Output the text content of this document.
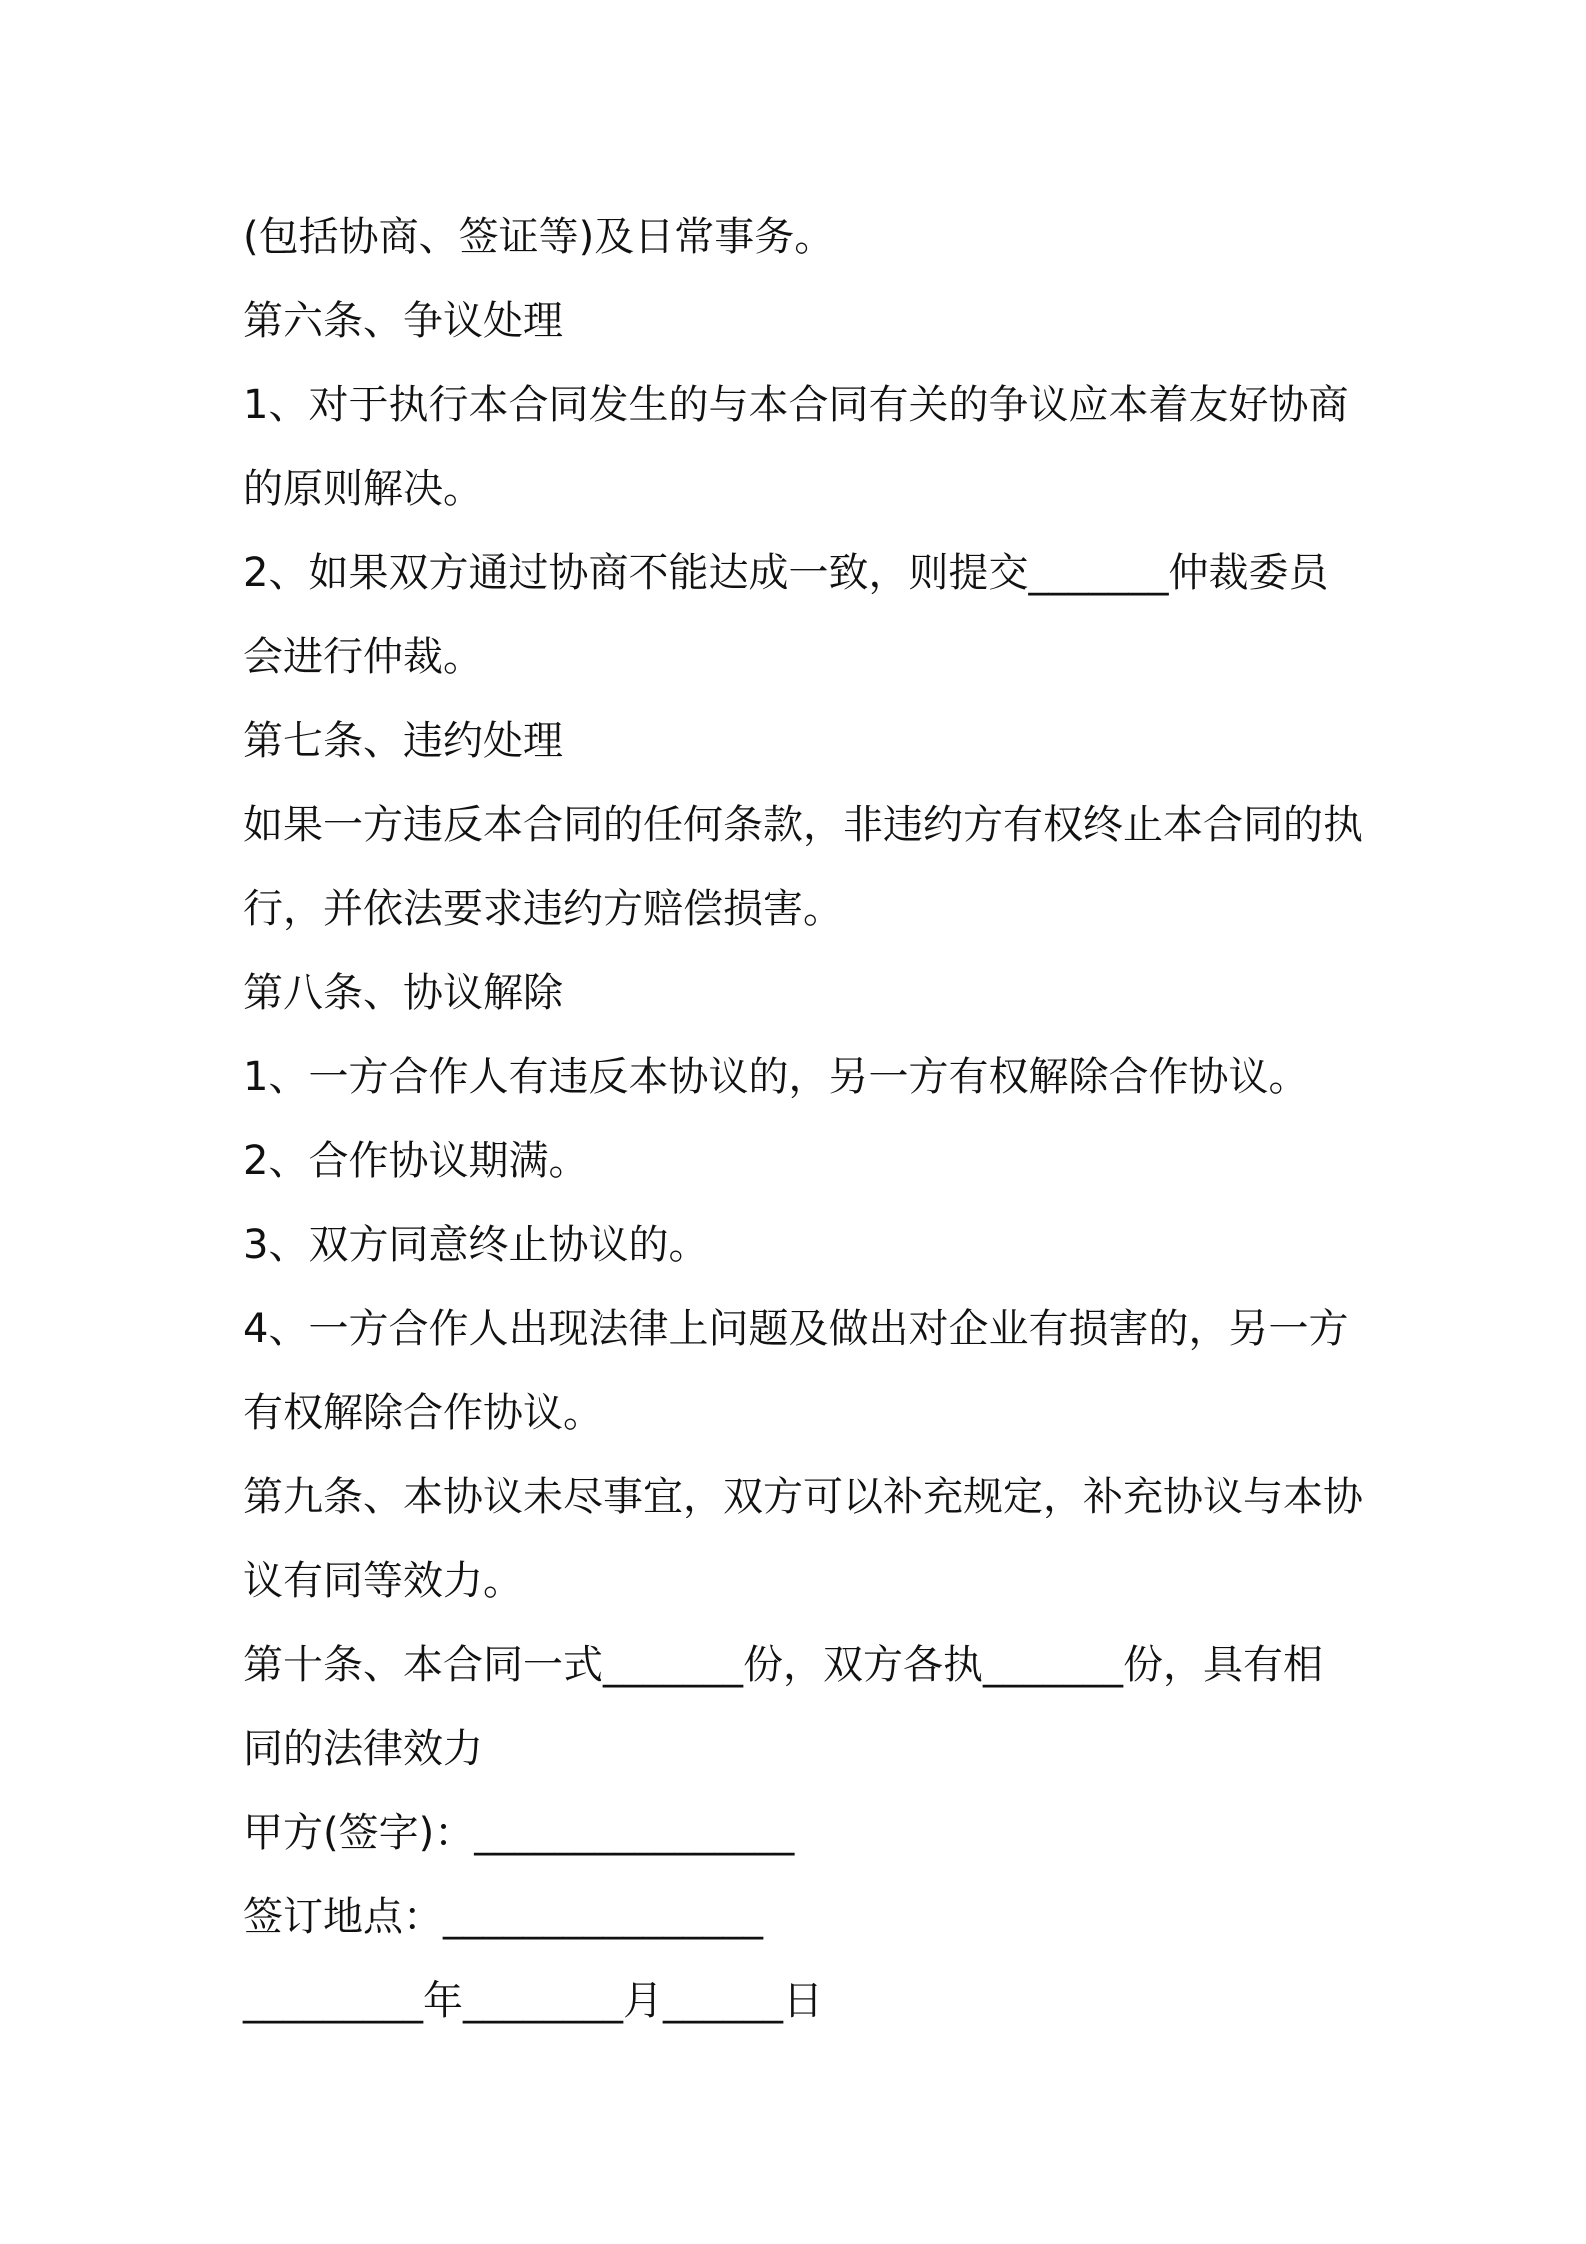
(包括协商、签证等)及日常事务。
第六条、争议处理
1、对于执行本合同发生的与本合同有关的争议应本着友好协商
的原则解决。
2、如果双方通过协商不能达成一致，则提交_______仲裁委员
会进行仲裁。
第七条、违约处理
如果一方违反本合同的任何条款，非违约方有权终止本合同的执
行，并依法要求违约方赔偿损害。
第八条、协议解除
1、一方合作人有违反本协议的，另一方有权解除合作协议。
2、合作协议期满。
3、双方同意终止协议的。
4、一方合作人出现法律上问题及做出对企业有损害的，另一方
有权解除合作协议。
第九条、本协议未尽事宜，双方可以补充规定，补充协议与本协
议有同等效力。
第十条、本合同一式_______份，双方各执_______份，具有相
同的法律效力
甲方(签字)：________________
签订地点：________________
_________年________月______日
